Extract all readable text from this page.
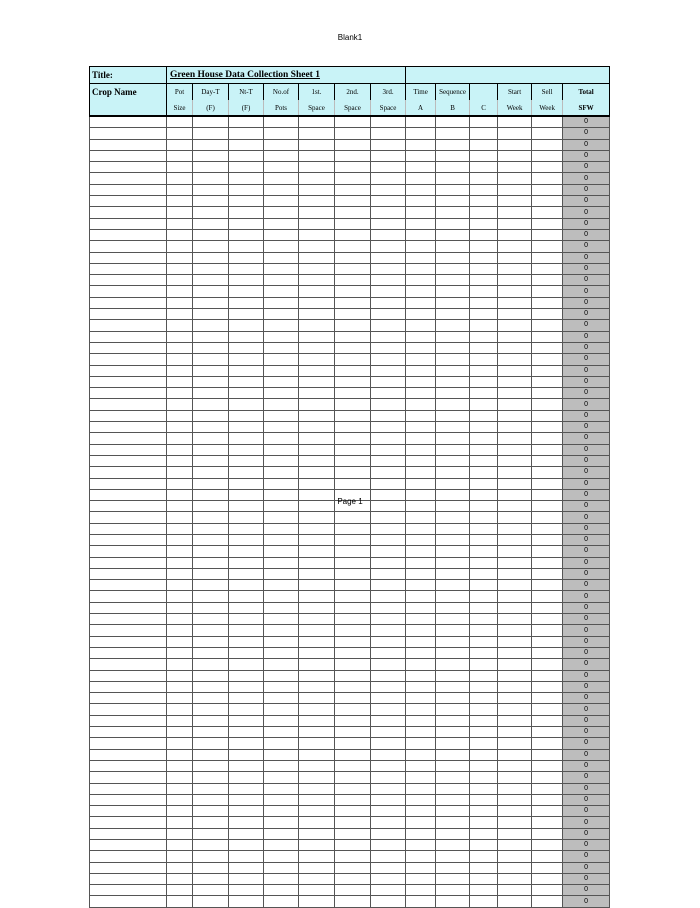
Blank1
Title:	Green House Data Collection Sheet 1												
Crop Name	Pot	Day-T	Nt-T	No.of	1st.	2nd.	3rd.	Time	Sequence		Start	Sell	Total
	Size	(F)	(F)	Pots	Space	Space	Space	A	B	C	Week	Week	SFW
													0
													0
													0
													0
													0
													0
													0
													0
													0
													0
													0
													0
													0
													0
													0
													0
													0
													0
													0
													0
													0
													0
													0
													0
													0
													0
													0
													0
													0
													0
													0
													0
													0
													0
													0
													0
													0
													0
													0
													0
													0
													0
													0
													0
													0
													0
													0
													0
													0
													0
													0
													0
													0
													0
													0
													0
													0
													0
													0
													0
													0
													0
													0
													0
													0
													0
													0
													0
													0
													0
Page 1
